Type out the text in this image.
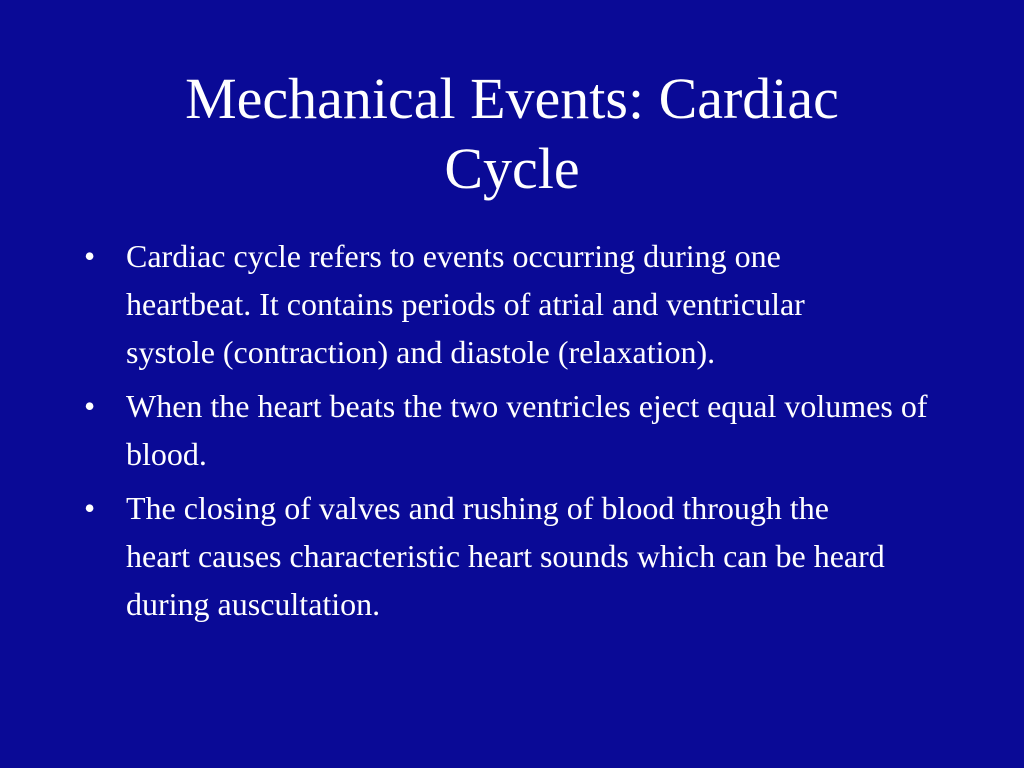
Mechanical Events: Cardiac Cycle
• Cardiac cycle refers to events occurring during one heartbeat. It contains periods of atrial and ventricular systole (contraction) and diastole (relaxation).
• When the heart beats the two ventricles eject equal volumes of blood.
• The closing of valves and rushing of blood through the heart causes characteristic heart sounds which can be heard during auscultation.
